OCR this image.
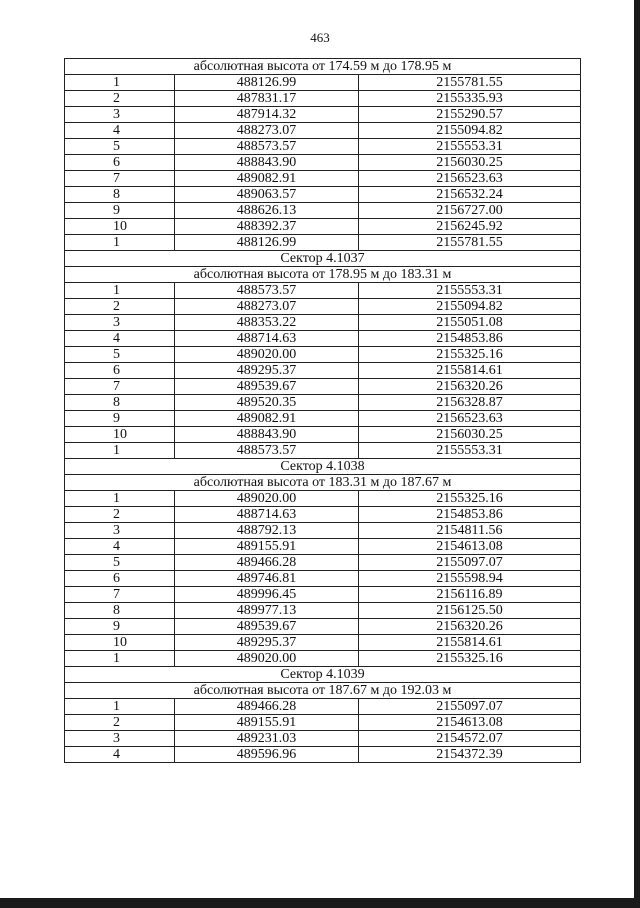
463
абсолютная высота от 174.59 м до 178.95 м		
1	488126.99	2155781.55
2	487831.17	2155335.93
3	487914.32	2155290.57
4	488273.07	2155094.82
5	488573.57	2155553.31
6	488843.90	2156030.25
7	489082.91	2156523.63
8	489063.57	2156532.24
9	488626.13	2156727.00
10	488392.37	2156245.92
1	488126.99	2155781.55
Сектор 4.1037		
абсолютная высота от 178.95 м до 183.31 м		
1	488573.57	2155553.31
2	488273.07	2155094.82
3	488353.22	2155051.08
4	488714.63	2154853.86
5	489020.00	2155325.16
6	489295.37	2155814.61
7	489539.67	2156320.26
8	489520.35	2156328.87
9	489082.91	2156523.63
10	488843.90	2156030.25
1	488573.57	2155553.31
Сектор 4.1038		
абсолютная высота от 183.31 м до 187.67 м		
1	489020.00	2155325.16
2	488714.63	2154853.86
3	488792.13	2154811.56
4	489155.91	2154613.08
5	489466.28	2155097.07
6	489746.81	2155598.94
7	489996.45	2156116.89
8	489977.13	2156125.50
9	489539.67	2156320.26
10	489295.37	2155814.61
1	489020.00	2155325.16
Сектор 4.1039		
абсолютная высота от 187.67 м до 192.03 м		
1	489466.28	2155097.07
2	489155.91	2154613.08
3	489231.03	2154572.07
4	489596.96	2154372.39
